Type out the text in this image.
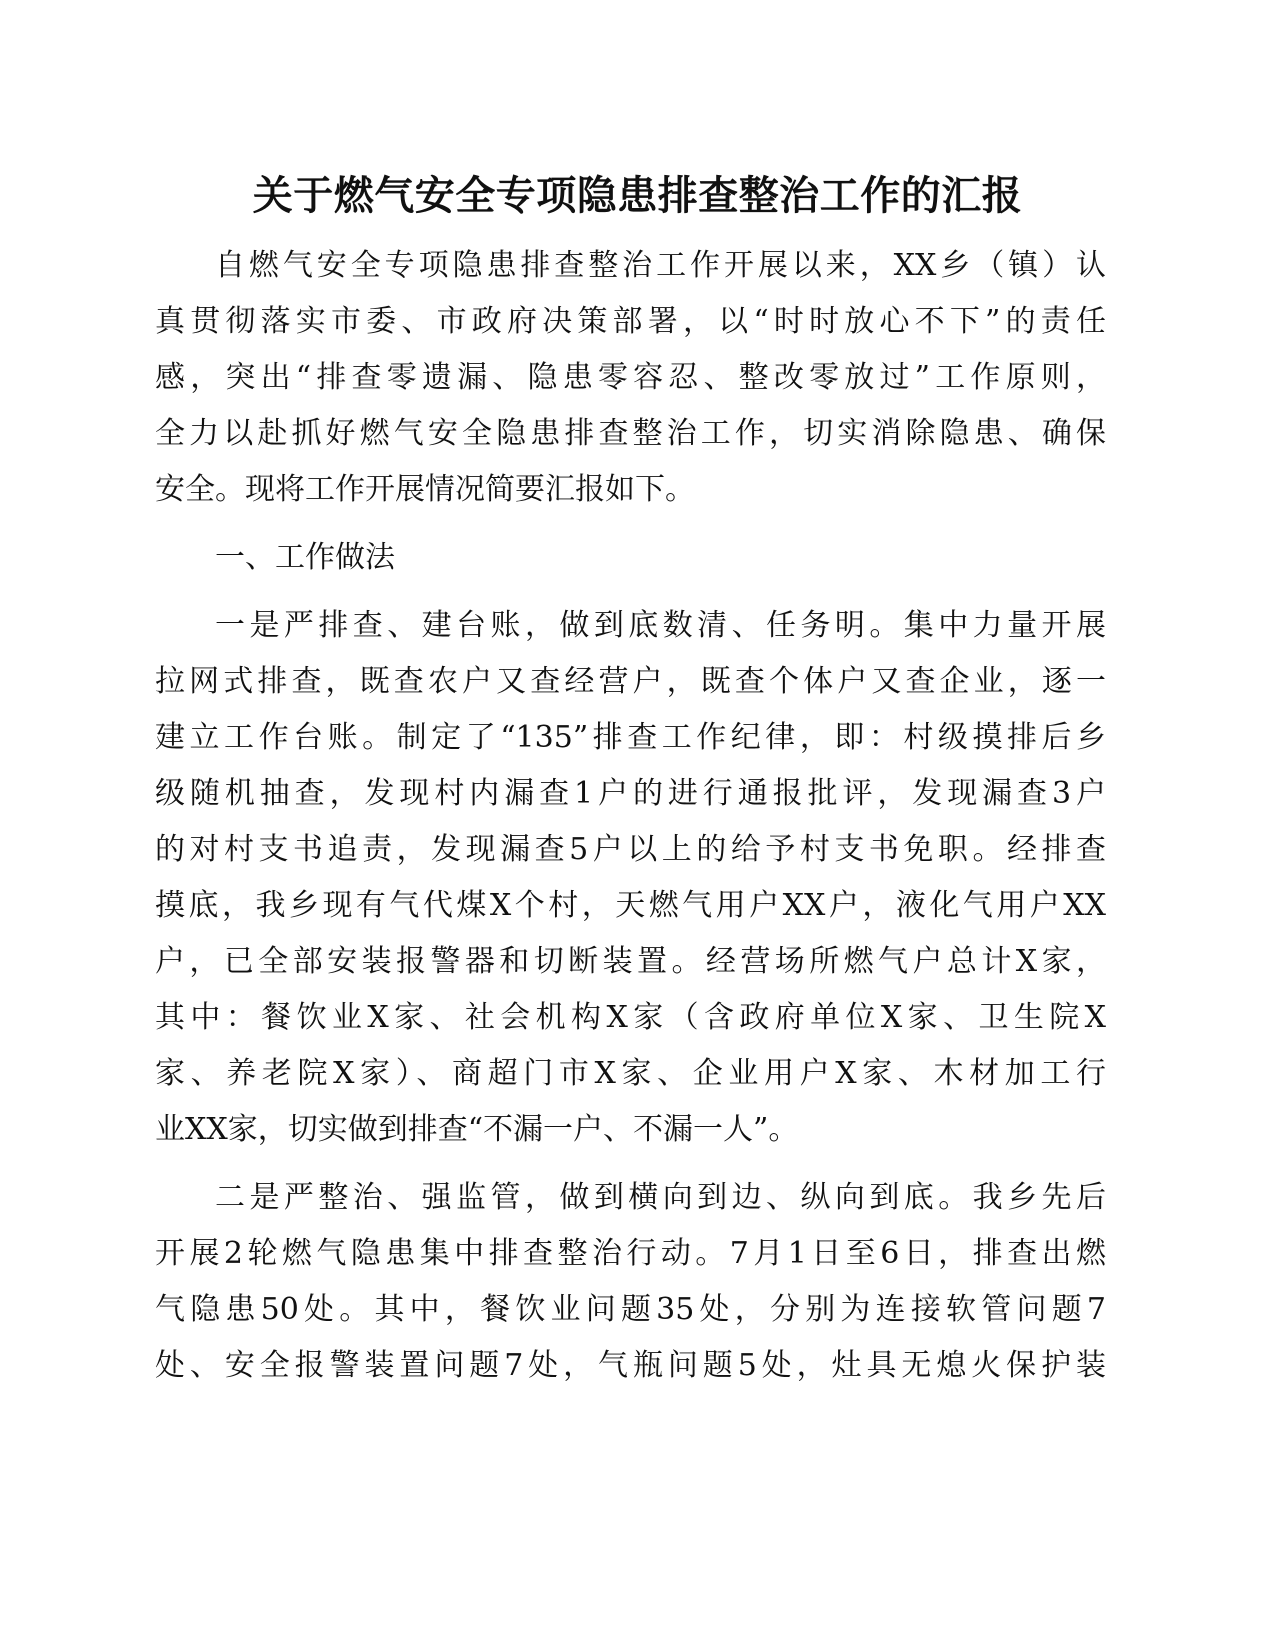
关于燃气安全专项隐患排查整治工作的汇报

自燃气安全专项隐患排查整治工作开展以来，XX乡（镇）认

真贯彻落实市委、市政府决策部署，以“时时放心不下”的责任

感，突出“排查零遗漏、隐患零容忍、整改零放过”工作原则，

全力以赴抓好燃气安全隐患排查整治工作，切实消除隐患、确保

安全。现将工作开展情况简要汇报如下。

一、工作做法

一是严排查、建台账，做到底数清、任务明。集中力量开展

拉网式排查，既查农户又查经营户，既查个体户又查企业，逐一

建立工作台账。制定了“135”排查工作纪律，即：村级摸排后乡

级随机抽查，发现村内漏查1户的进行通报批评，发现漏查3户

的对村支书追责，发现漏查5户以上的给予村支书免职。经排查

摸底，我乡现有气代煤X个村，天燃气用户XX户，液化气用户XX

户，已全部安装报警器和切断装置。经营场所燃气户总计X家，

其中：餐饮业X家、社会机构X家（含政府单位X家、卫生院X

家、养老院X家）、商超门市X家、企业用户X家、木材加工行

业XX家，切实做到排查“不漏一户、不漏一人”。

二是严整治、强监管，做到横向到边、纵向到底。我乡先后

开展2轮燃气隐患集中排查整治行动。7月1日至6日，排查出燃

气隐患50处。其中，餐饮业问题35处，分别为连接软管问题7

处、安全报警装置问题7处，气瓶问题5处，灶具无熄火保护装
